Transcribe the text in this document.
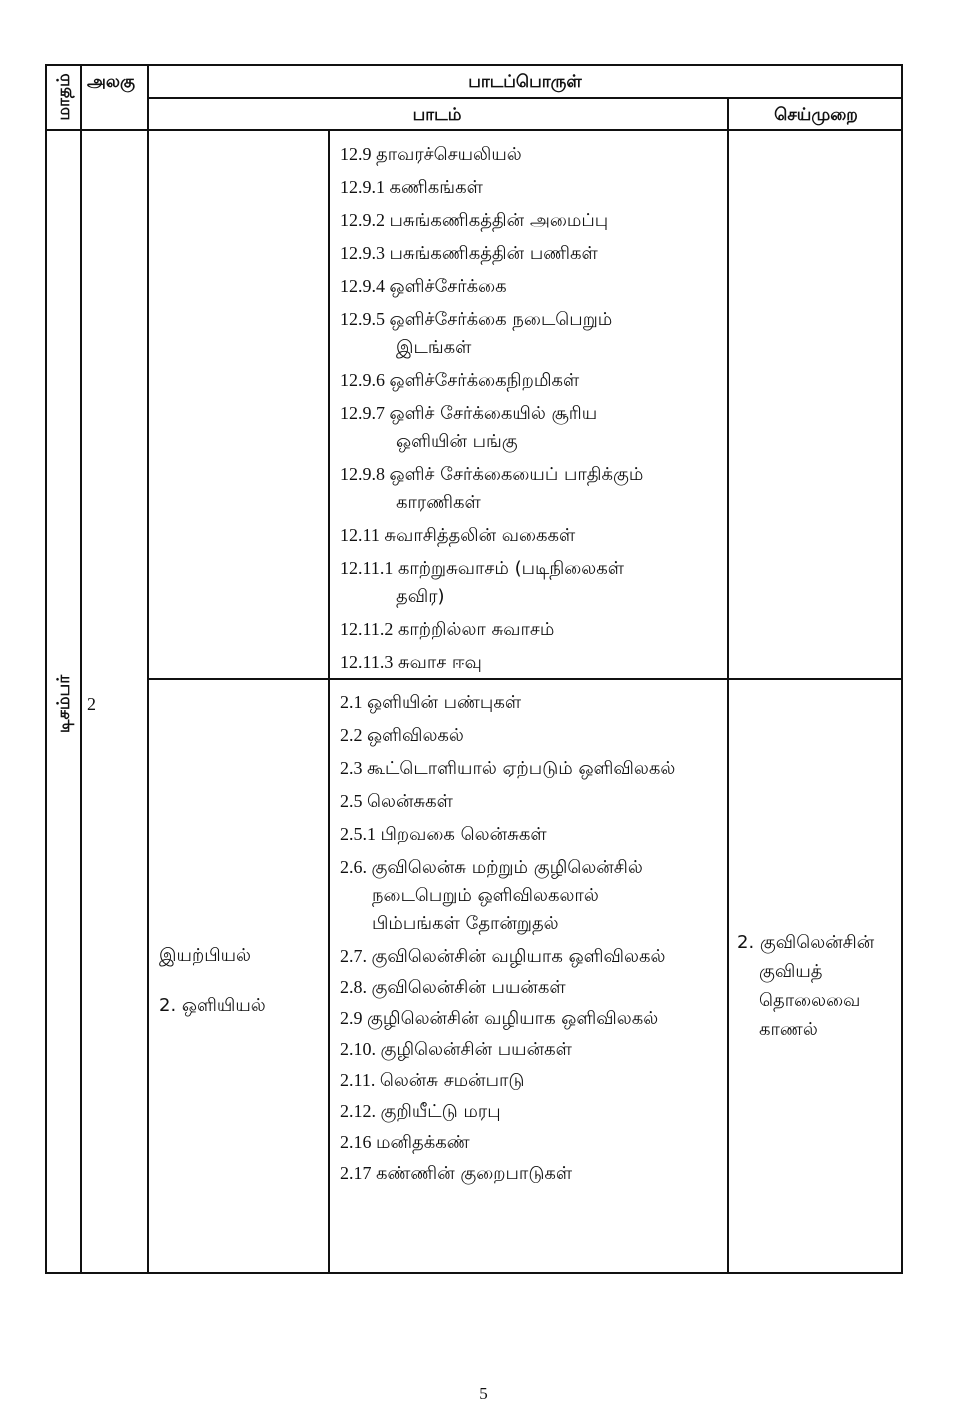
மாதம் அலகு	பாடப்பொருள்
பாடம்	செய்முறை
டிசம்பர் 2
12.9 தாவரச்செயலியல்
12.9.1 கணிகங்கள்
12.9.2 பசுங்கணிகத்தின் அமைப்பு
12.9.3 பசுங்கணிகத்தின் பணிகள்
12.9.4 ஒளிச்சேர்க்கை
12.9.5 ஒளிச்சேர்க்கை நடைபெறும்
இடங்கள்
12.9.6 ஒளிச்சேர்க்கைநிறமிகள்
12.9.7 ஒளிச் சேர்க்கையில் சூரிய
ஒளியின் பங்கு
12.9.8 ஒளிச் சேர்க்கையைப் பாதிக்கும்
காரணிகள்
12.11 சுவாசித்தலின் வகைகள்
12.11.1 காற்றுசுவாசம் (படிநிலைகள்
தவிர)
12.11.2 காற்றில்லா சுவாசம்
12.11.3 சுவாச ஈவு
இயற்பியல்
2. ஒளியியல்
2.1 ஒளியின் பண்புகள்
2.2 ஒளிவிலகல்
2.3 கூட்டொளியால் ஏற்படும் ஒளிவிலகல்
2.5 லென்சுகள்
2.5.1 பிறவகை லென்சுகள்
2.6. குவிலென்சு மற்றும் குழிலென்சில்
நடைபெறும் ஒளிவிலகலால்
பிம்பங்கள் தோன்றுதல்
2.7. குவிலென்சின் வழியாக ஒளிவிலகல்
2.8. குவிலென்சின் பயன்கள்
2.9 குழிலென்சின் வழியாக ஒளிவிலகல்
2.10. குழிலென்சின் பயன்கள்
2.11. லென்சு சமன்பாடு
2.12. குறியீட்டு மரபு
2.16 மனிதக்கண்
2.17 கண்ணின் குறைபாடுகள்
2. குவிலென்சின்
குவியத்
தொலைவை
காணல்
5
